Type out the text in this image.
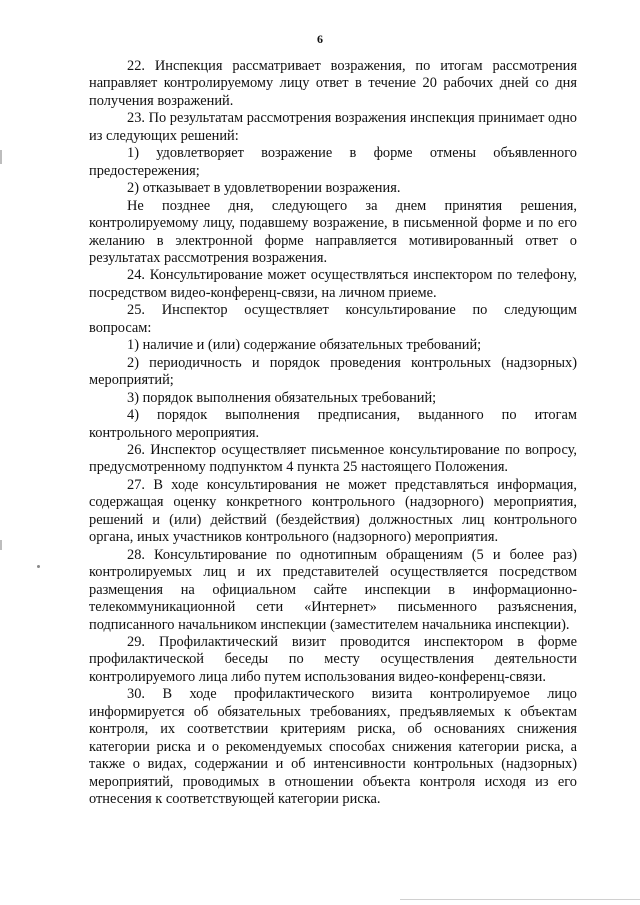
6

22. Инспекция рассматривает возражения, по итогам рассмотрения направляет контролируемому лицу ответ в течение 20 рабочих дней со дня получения возражений.

23. По результатам рассмотрения возражения инспекция принимает одно из следующих решений:

1) удовлетворяет возражение в форме отмены объявленного предостережения;

2) отказывает в удовлетворении возражения.

Не позднее дня, следующего за днем принятия решения, контролируемому лицу, подавшему возражение, в письменной форме и по его желанию в электронной форме направляется мотивированный ответ о результатах рассмотрения возражения.

24. Консультирование может осуществляться инспектором по телефону, посредством видео-конференц-связи, на личном приеме.

25. Инспектор осуществляет консультирование по следующим вопросам:

1) наличие и (или) содержание обязательных требований;

2) периодичность и порядок проведения контрольных (надзорных) мероприятий;

3) порядок выполнения обязательных требований;

4) порядок выполнения предписания, выданного по итогам контрольного мероприятия.

26. Инспектор осуществляет письменное консультирование по вопросу, предусмотренному подпунктом 4 пункта 25 настоящего Положения.

27. В ходе консультирования не может представляться информация, содержащая оценку конкретного контрольного (надзорного) мероприятия, решений и (или) действий (бездействия) должностных лиц контрольного органа, иных участников контрольного (надзорного) мероприятия.

28. Консультирование по однотипным обращениям (5 и более раз) контролируемых лиц и их представителей осуществляется посредством размещения на официальном сайте инспекции в информационно-телекоммуникационной сети «Интернет» письменного разъяснения, подписанного начальником инспекции (заместителем начальника инспекции).

29. Профилактический визит проводится инспектором в форме профилактической беседы по месту осуществления деятельности контролируемого лица либо путем использования видео-конференц-связи.

30. В ходе профилактического визита контролируемое лицо информируется об обязательных требованиях, предъявляемых к объектам контроля, их соответствии критериям риска, об основаниях снижения категории риска и о рекомендуемых способах снижения категории риска, а также о видах, содержании и об интенсивности контрольных (надзорных) мероприятий, проводимых в отношении объекта контроля исходя из его отнесения к соответствующей категории риска.
